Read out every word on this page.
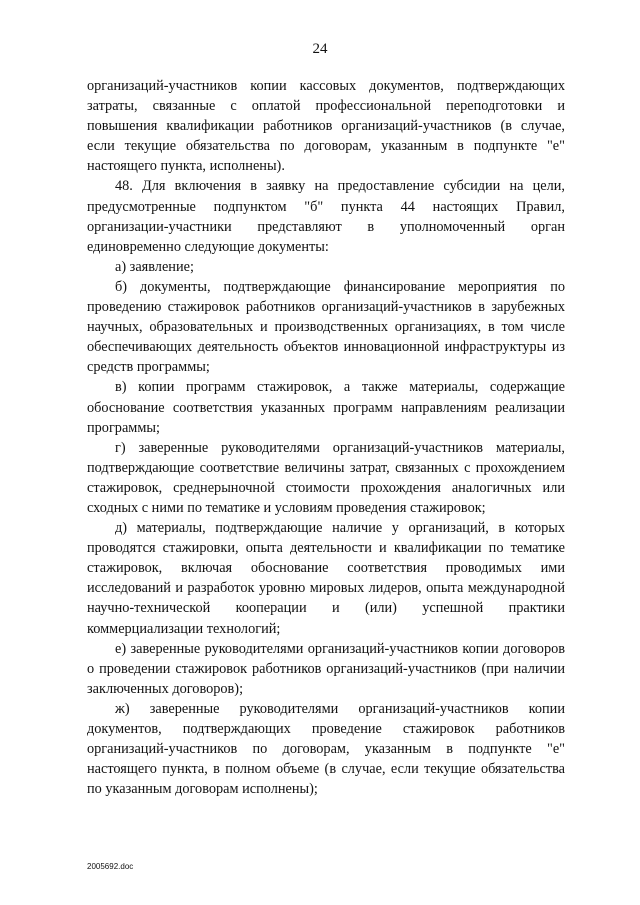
24

организаций-участников копии кассовых документов, подтверждающих затраты, связанные с оплатой профессиональной переподготовки и повышения квалификации работников организаций-участников (в случае, если текущие обязательства по договорам, указанным в подпункте "е" настоящего пункта, исполнены).

48. Для включения в заявку на предоставление субсидии на цели, предусмотренные подпунктом "б" пункта 44 настоящих Правил, организации-участники представляют в уполномоченный орган единовременно следующие документы:

а) заявление;

б) документы, подтверждающие финансирование мероприятия по проведению стажировок работников организаций-участников в зарубежных научных, образовательных и производственных организациях, в том числе обеспечивающих деятельность объектов инновационной инфраструктуры из средств программы;

в) копии программ стажировок, а также материалы, содержащие обоснование соответствия указанных программ направлениям реализации программы;

г) заверенные руководителями организаций-участников материалы, подтверждающие соответствие величины затрат, связанных с прохождением стажировок, среднерыночной стоимости прохождения аналогичных или сходных с ними по тематике и условиям проведения стажировок;

д) материалы, подтверждающие наличие у организаций, в которых проводятся стажировки, опыта деятельности и квалификации по тематике стажировок, включая обоснование соответствия проводимых ими исследований и разработок уровню мировых лидеров, опыта международной научно-технической кооперации и (или) успешной практики коммерциализации технологий;

е) заверенные руководителями организаций-участников копии договоров о проведении стажировок работников организаций-участников (при наличии заключенных договоров);

ж) заверенные руководителями организаций-участников копии документов, подтверждающих проведение стажировок работников организаций-участников по договорам, указанным в подпункте "е" настоящего пункта, в полном объеме (в случае, если текущие обязательства по указанным договорам исполнены);

2005692.doc
